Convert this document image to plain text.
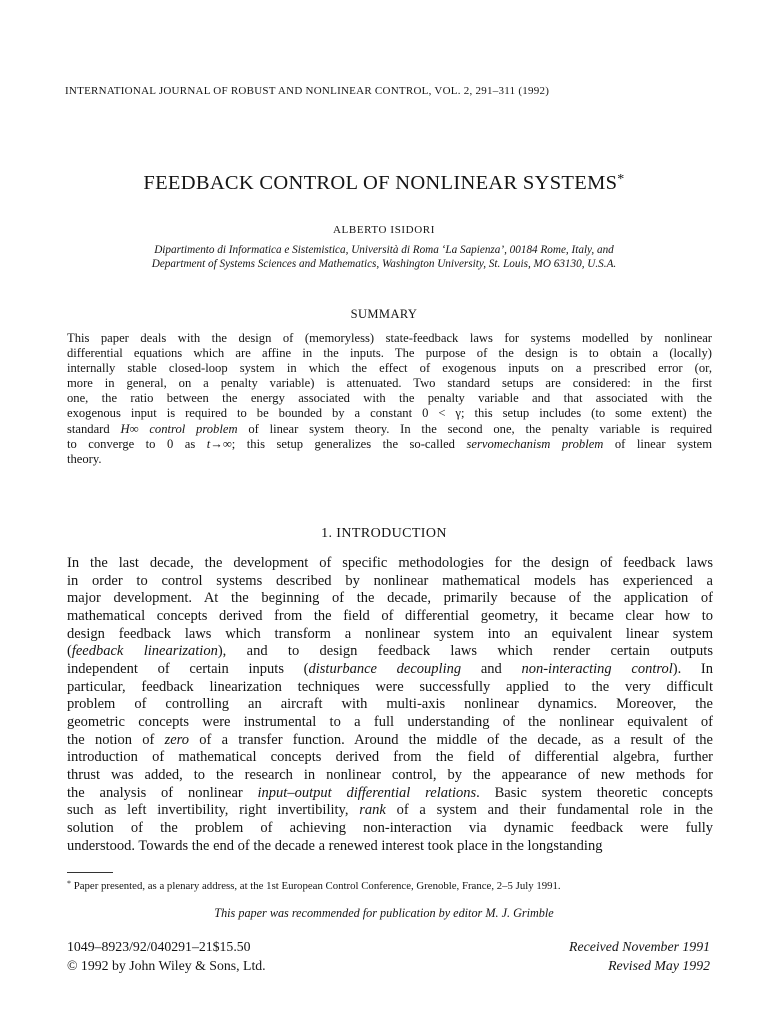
INTERNATIONAL JOURNAL OF ROBUST AND NONLINEAR CONTROL, VOL. 2, 291–311 (1992)
FEEDBACK CONTROL OF NONLINEAR SYSTEMS*
ALBERTO ISIDORI
Dipartimento di Informatica e Sistemistica, Università di Roma ‘La Sapienza’, 00184 Rome, Italy, and
Department of Systems Sciences and Mathematics, Washington University, St. Louis, MO 63130, U.S.A.
SUMMARY
This paper deals with the design of (memoryless) state-feedback laws for systems modelled by nonlinear
differential equations which are affine in the inputs. The purpose of the design is to obtain a (locally)
internally stable closed-loop system in which the effect of exogenous inputs on a prescribed error (or,
more in general, on a penalty variable) is attenuated. Two standard setups are considered: in the first
one, the ratio between the energy associated with the penalty variable and that associated with the
exogenous input is required to be bounded by a constant 0 < γ; this setup includes (to some extent) the
standard H∞ control problem of linear system theory. In the second one, the penalty variable is required
to converge to 0 as t→∞; this setup generalizes the so-called servomechanism problem of linear system
theory.
1. INTRODUCTION
In the last decade, the development of specific methodologies for the design of feedback laws
in order to control systems described by nonlinear mathematical models has experienced a
major development. At the beginning of the decade, primarily because of the application of
mathematical concepts derived from the field of differential geometry, it became clear how to
design feedback laws which transform a nonlinear system into an equivalent linear system
(feedback linearization), and to design feedback laws which render certain outputs
independent of certain inputs (disturbance decoupling and non-interacting control). In
particular, feedback linearization techniques were successfully applied to the very difficult
problem of controlling an aircraft with multi-axis nonlinear dynamics. Moreover, the
geometric concepts were instrumental to a full understanding of the nonlinear equivalent of
the notion of zero of a transfer function. Around the middle of the decade, as a result of the
introduction of mathematical concepts derived from the field of differential algebra, further
thrust was added, to the research in nonlinear control, by the appearance of new methods for
the analysis of nonlinear input–output differential relations. Basic system theoretic concepts
such as left invertibility, right invertibility, rank of a system and their fundamental role in the
solution of the problem of achieving non-interaction via dynamic feedback were fully
understood. Towards the end of the decade a renewed interest took place in the longstanding
* Paper presented, as a plenary address, at the 1st European Control Conference, Grenoble, France, 2–5 July 1991.
This paper was recommended for publication by editor M. J. Grimble
1049–8923/92/040291–21$15.50
© 1992 by John Wiley & Sons, Ltd.
Received November 1991
Revised May 1992
